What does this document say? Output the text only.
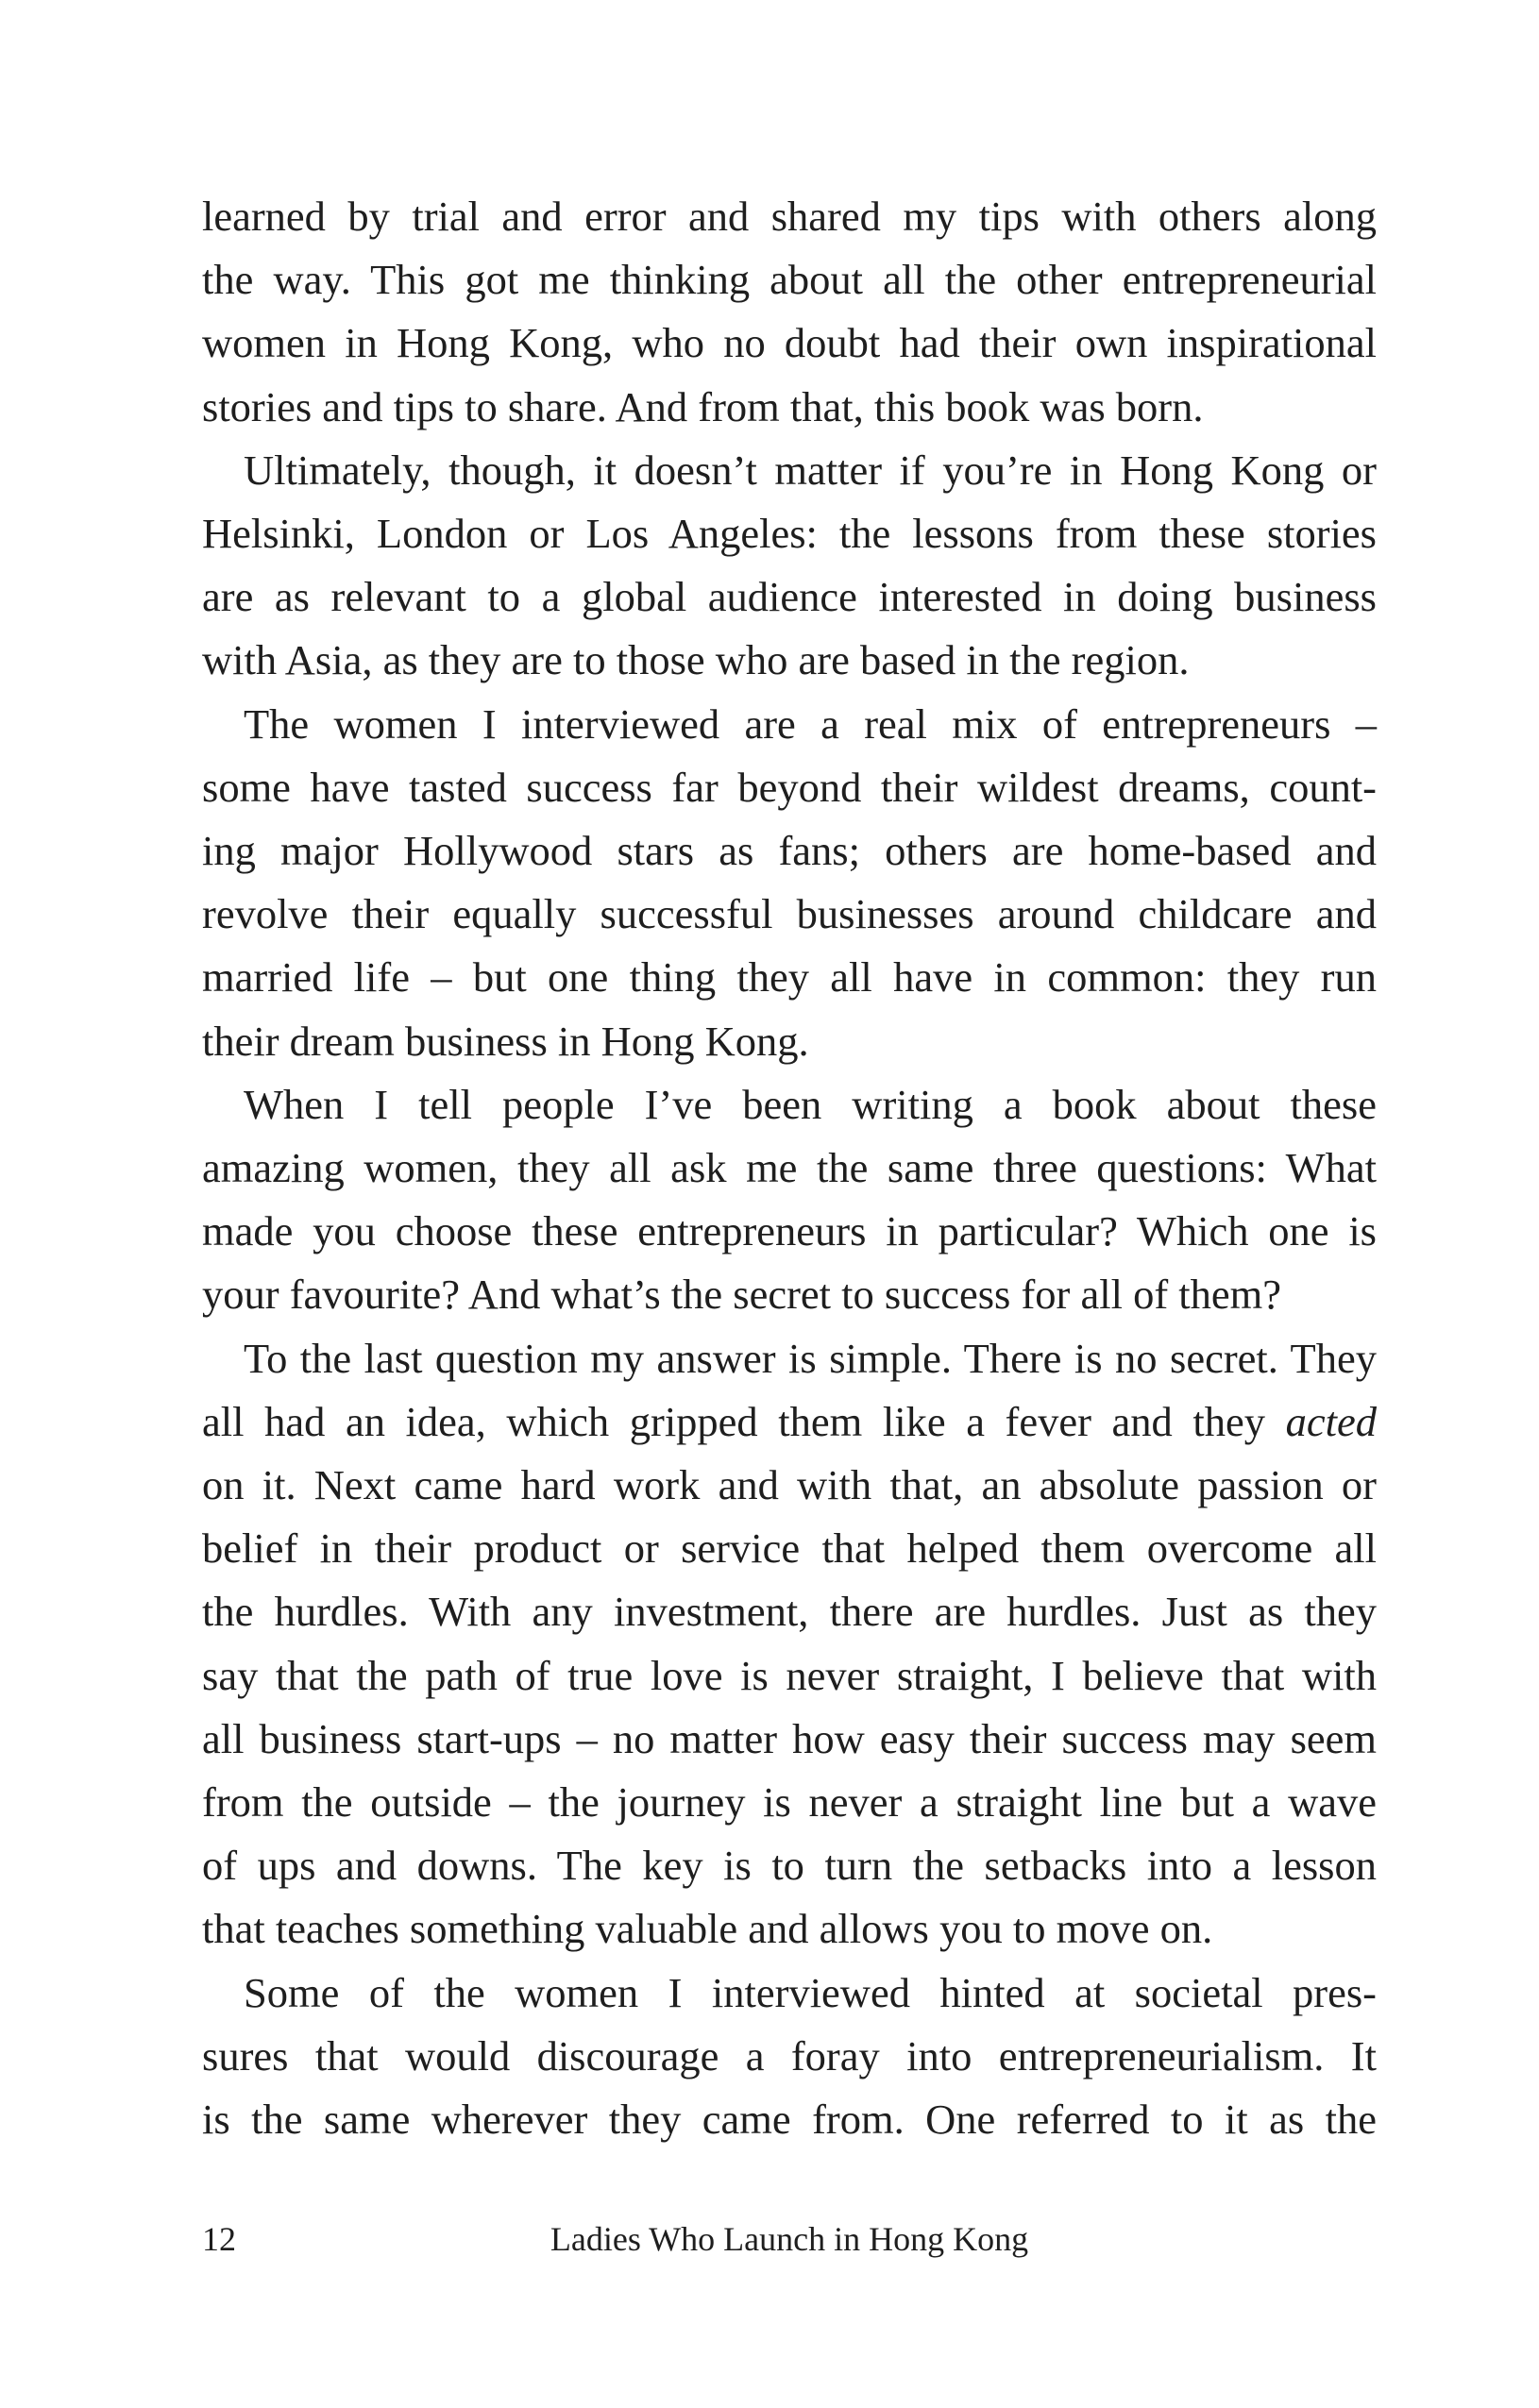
learned by trial and error and shared my tips with others along
the way. This got me thinking about all the other entrepreneurial
women in Hong Kong, who no doubt had their own inspirational
stories and tips to share. And from that, this book was born.
Ultimately, though, it doesn’t matter if you’re in Hong Kong or
Helsinki, London or Los Angeles: the lessons from these stories
are as relevant to a global audience interested in doing business
with Asia, as they are to those who are based in the region.
The women I interviewed are a real mix of entrepreneurs –
some have tasted success far beyond their wildest dreams, count-
ing major Hollywood stars as fans; others are home-based and
revolve their equally successful businesses around childcare and
married life – but one thing they all have in common: they run
their dream business in Hong Kong.
When I tell people I’ve been writing a book about these
amazing women, they all ask me the same three questions: What
made you choose these entrepreneurs in particular? Which one is
your favourite? And what’s the secret to success for all of them?
To the last question my answer is simple. There is no secret. They
all had an idea, which gripped them like a fever and they acted
on it. Next came hard work and with that, an absolute passion or
belief in their product or service that helped them overcome all
the hurdles. With any investment, there are hurdles. Just as they
say that the path of true love is never straight, I believe that with
all business start-ups – no matter how easy their success may seem
from the outside – the journey is never a straight line but a wave
of ups and downs. The key is to turn the setbacks into a lesson
that teaches something valuable and allows you to move on.
Some of the women I interviewed hinted at societal pres-
sures that would discourage a foray into entrepreneurialism. It
is the same wherever they came from. One referred to it as the
12	Ladies Who Launch in Hong Kong
